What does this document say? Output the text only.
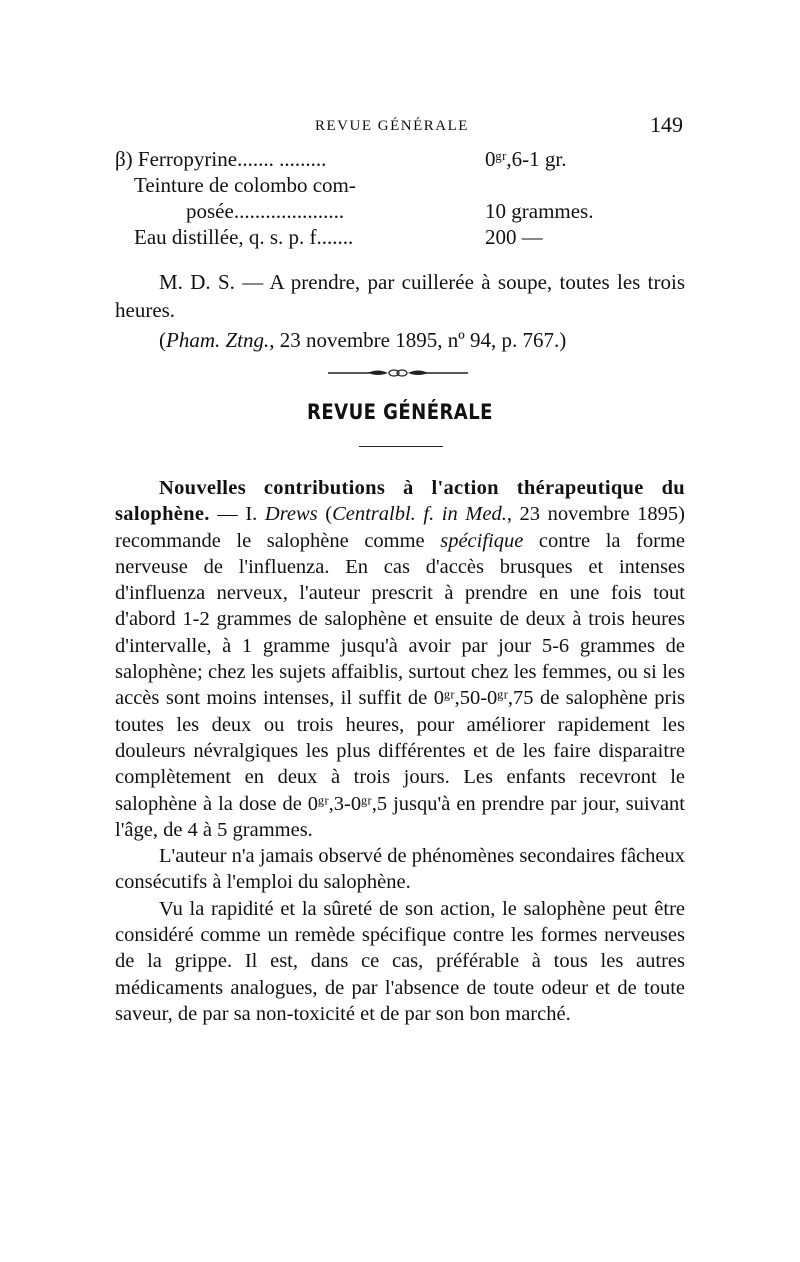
REVUE GÉNÉRALE	149
β) Ferropyrine....... .........	0ᵍʳ,6-1 gr.
Teinture de colombo com-
posée.....................	10 grammes.
Eau distillée, q. s. p. f.......	200 —
M. D. S. — A prendre, par cuillerée à soupe, toutes les trois heures.
(Pham. Ztng., 23 novembre 1895, nº 94, p. 767.)
REVUE GÉNÉRALE

Nouvelles contributions à l'action thérapeutique du salophène. — I. Drews (Centralbl. f. in Med., 23 novembre 1895) recommande le salophène comme spécifique contre la forme nerveuse de l'influenza. En cas d'accès brusques et intenses d'influenza nerveux, l'auteur prescrit à prendre en une fois tout d'abord 1-2 grammes de salophène et ensuite de deux à trois heures d'intervalle, à 1 gramme jusqu'à avoir par jour 5-6 grammes de salophène; chez les sujets affaiblis, surtout chez les femmes, ou si les accès sont moins intenses, il suffit de 0ᵍʳ,50-0ᵍʳ,75 de salophène pris toutes les deux ou trois heures, pour améliorer rapidement les douleurs névralgiques les plus différentes et de les faire disparaitre complètement en deux à trois jours. Les enfants recevront le salophène à la dose de 0ᵍʳ,3-0ᵍʳ,5 jusqu'à en prendre par jour, suivant l'âge, de 4 à 5 grammes.

L'auteur n'a jamais observé de phénomènes secondaires fâcheux consécutifs à l'emploi du salophène.

Vu la rapidité et la sûreté de son action, le salophène peut être considéré comme un remède spécifique contre les formes nerveuses de la grippe. Il est, dans ce cas, préférable à tous les autres médicaments analogues, de par l'absence de toute odeur et de toute saveur, de par sa non-toxicité et de par son bon marché.
